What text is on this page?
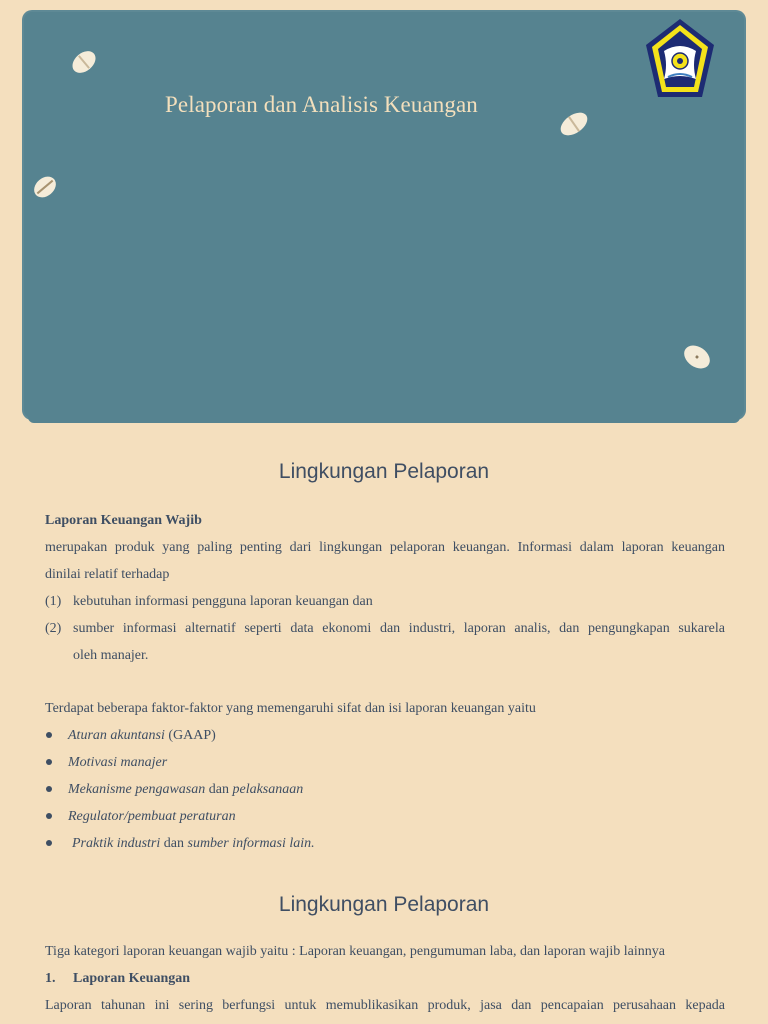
Pelaporan dan Analisis Keuangan
Lingkungan Pelaporan

Laporan Keuangan Wajib

merupakan produk yang paling penting dari lingkungan pelaporan keuangan. Informasi dalam laporan keuangan

dinilai relatif terhadap

(1) kebutuhan informasi pengguna laporan keuangan dan

(2) sumber informasi alternatif seperti data ekonomi dan industri, laporan analis, dan pengungkapan sukarela

oleh manajer.

Terdapat beberapa faktor-faktor yang memengaruhi sifat dan isi laporan keuangan yaitu

Aturan akuntansi (GAAP)

Motivasi manajer

Mekanisme pengawasan dan pelaksanaan

Regulator/pembuat peraturan

Praktik industri dan sumber informasi lain.

Lingkungan Pelaporan

Tiga kategori laporan keuangan wajib yaitu : Laporan keuangan, pengumuman laba, dan laporan wajib lainnya

1. Laporan Keuangan

Laporan tahunan ini sering berfungsi untuk memublikasikan produk, jasa dan pencapaian perusahaan kepada
